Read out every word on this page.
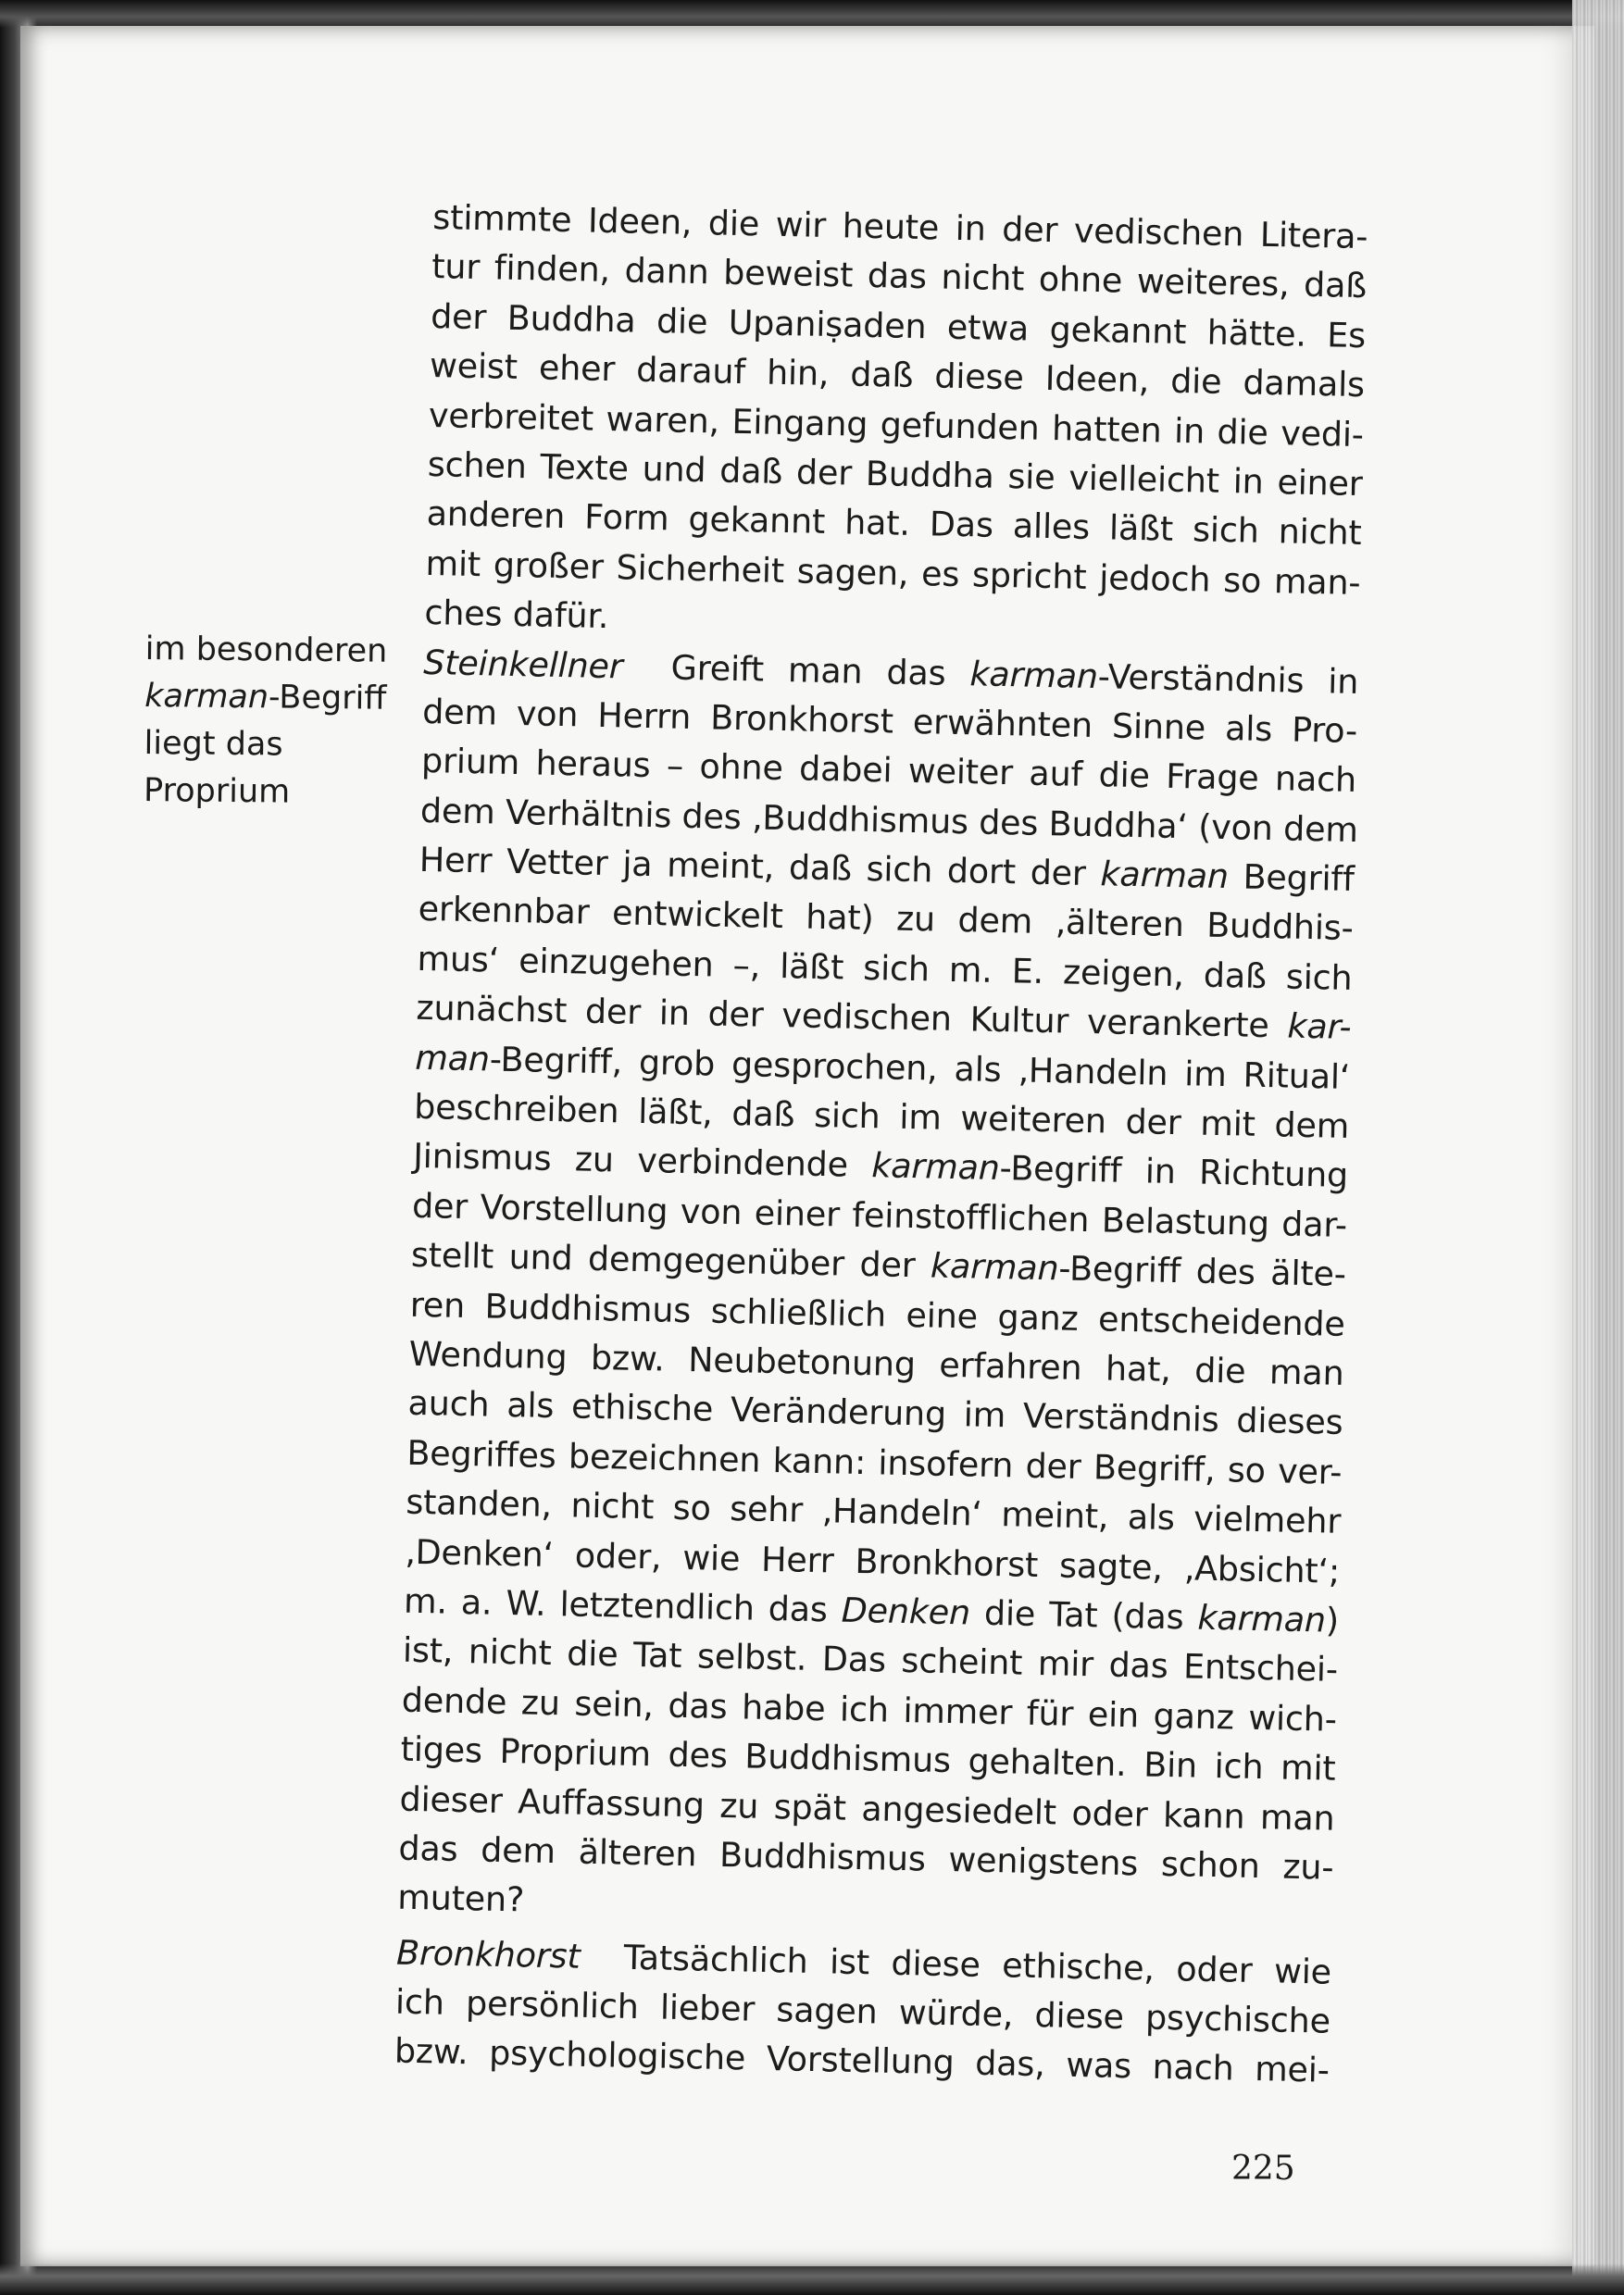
im besonderen
karman-Begriff
liegt das
Proprium
stimmte Ideen, die wir heute in der vedischen Litera-
tur finden, dann beweist das nicht ohne weiteres, daß
der Buddha die Upaniṣaden etwa gekannt hätte. Es
weist eher darauf hin, daß diese Ideen, die damals
verbreitet waren, Eingang gefunden hatten in die vedi-
schen Texte und daß der Buddha sie vielleicht in einer
anderen Form gekannt hat. Das alles läßt sich nicht
mit großer Sicherheit sagen, es spricht jedoch so man-
ches dafür.
Steinkellner  Greift man das karman-Verständnis in
dem von Herrn Bronkhorst erwähnten Sinne als Pro-
prium heraus – ohne dabei weiter auf die Frage nach
dem Verhältnis des ‚Buddhismus des Buddha‘ (von dem
Herr Vetter ja meint, daß sich dort der karman Begriff
erkennbar entwickelt hat) zu dem ‚älteren Buddhis-
mus‘ einzugehen –, läßt sich m. E. zeigen, daß sich
zunächst der in der vedischen Kultur verankerte kar-
man-Begriff, grob gesprochen, als ‚Handeln im Ritual‘
beschreiben läßt, daß sich im weiteren der mit dem
Jinismus zu verbindende karman-Begriff in Richtung
der Vorstellung von einer feinstofflichen Belastung dar-
stellt und demgegenüber der karman-Begriff des älte-
ren Buddhismus schließlich eine ganz entscheidende
Wendung bzw. Neubetonung erfahren hat, die man
auch als ethische Veränderung im Verständnis dieses
Begriffes bezeichnen kann: insofern der Begriff, so ver-
standen, nicht so sehr ‚Handeln‘ meint, als vielmehr
‚Denken‘ oder, wie Herr Bronkhorst sagte, ‚Absicht‘;
m. a. W. letztendlich das Denken die Tat (das karman)
ist, nicht die Tat selbst. Das scheint mir das Entschei-
dende zu sein, das habe ich immer für ein ganz wich-
tiges Proprium des Buddhismus gehalten. Bin ich mit
dieser Auffassung zu spät angesiedelt oder kann man
das dem älteren Buddhismus wenigstens schon zu-
muten?
Bronkhorst  Tatsächlich ist diese ethische, oder wie
ich persönlich lieber sagen würde, diese psychische
bzw. psychologische Vorstellung das, was nach mei-
225
